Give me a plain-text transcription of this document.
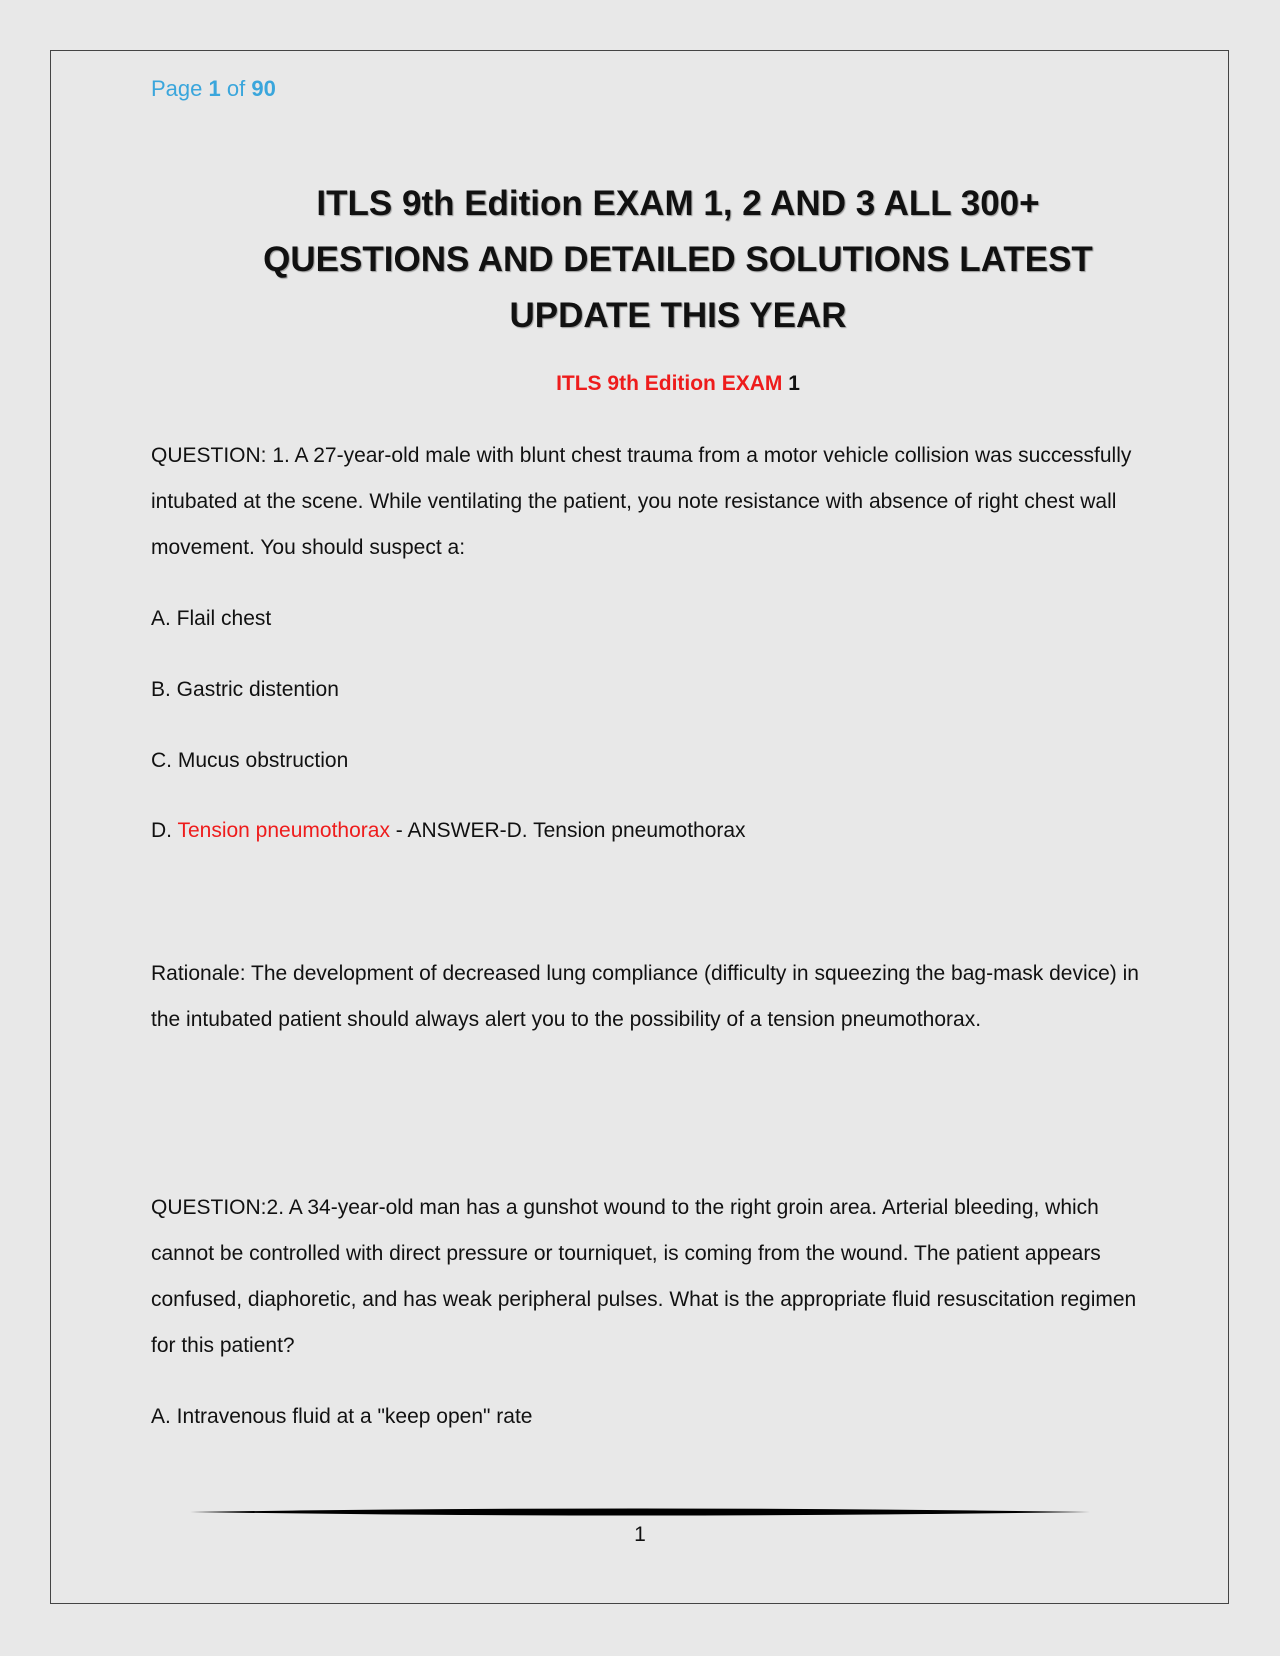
Page 1 of 90
ITLS 9th Edition EXAM 1, 2 AND 3 ALL 300+
QUESTIONS AND DETAILED SOLUTIONS LATEST
UPDATE THIS YEAR
ITLS 9th Edition EXAM 1
QUESTION: 1. A 27-year-old male with blunt chest trauma from a motor vehicle collision was successfully intubated at the scene. While ventilating the patient, you note resistance with absence of right chest wall movement. You should suspect a:
A. Flail chest
B. Gastric distention
C. Mucus obstruction
D. Tension pneumothorax - ANSWER-D. Tension pneumothorax
Rationale: The development of decreased lung compliance (difficulty in squeezing the bag-mask device) in the intubated patient should always alert you to the possibility of a tension pneumothorax.
QUESTION:2. A 34-year-old man has a gunshot wound to the right groin area. Arterial bleeding, which cannot be controlled with direct pressure or tourniquet, is coming from the wound. The patient appears confused, diaphoretic, and has weak peripheral pulses. What is the appropriate fluid resuscitation regimen for this patient?
A. Intravenous fluid at a "keep open" rate
1
